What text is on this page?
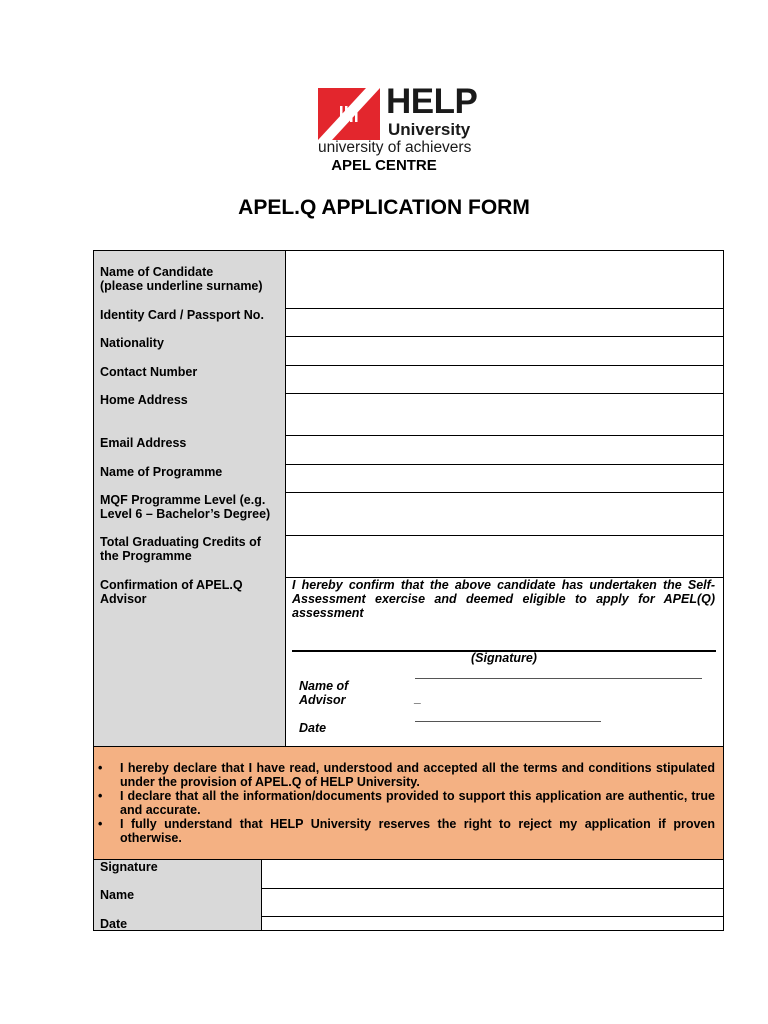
HELP
University
university of achievers
APEL CENTRE
APEL.Q APPLICATION FORM
Name of Candidate
(please underline surname)
Identity Card / Passport No.
Nationality
Contact Number
Home Address
Email Address
Name of Programme
MQF Programme Level (e.g. Level 6 – Bachelor’s Degree)
Total Graduating Credits of the Programme
Confirmation of APEL.Q Advisor
I hereby confirm that the above candidate has undertaken the Self-Assessment exercise and deemed eligible to apply for APEL(Q) assessment
(Signature)
Name of Advisor	_
Date
• I hereby declare that I have read, understood and accepted all the terms and conditions stipulated under the provision of APEL.Q of HELP University.
• I declare that all the information/documents provided to support this application are authentic, true and accurate.
• I fully understand that HELP University reserves the right to reject my application if proven otherwise.
Signature
Name
Date
